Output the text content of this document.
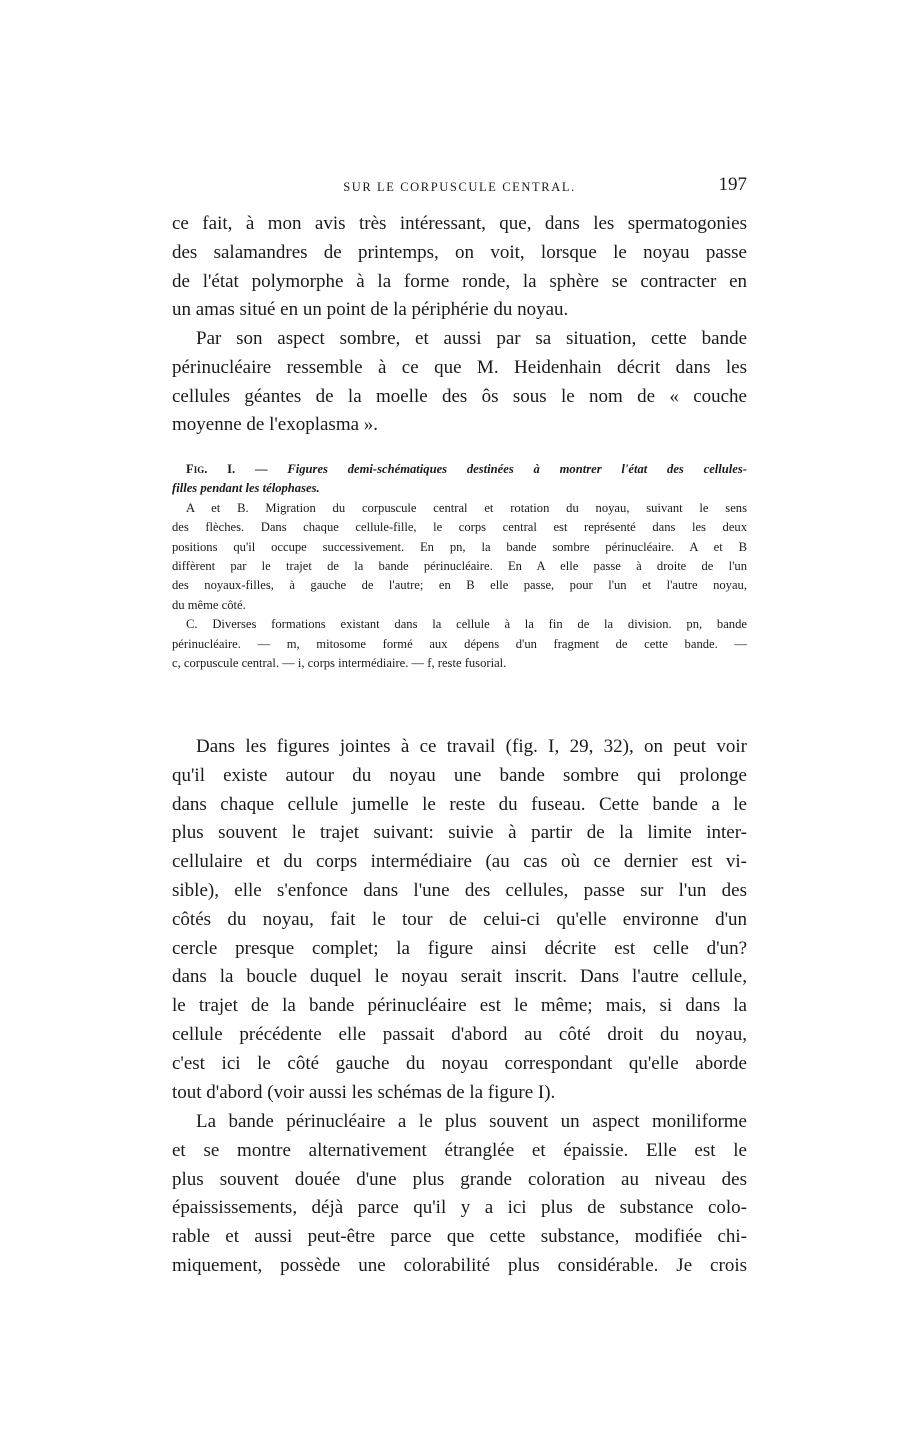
SUR LE CORPUSCULE CENTRAL.	197
ce fait, à mon avis très intéressant, que, dans les spermatogonies
des salamandres de printemps, on voit, lorsque le noyau passe
de l'état polymorphe à la forme ronde, la sphère se contracter en
un amas situé en un point de la périphérie du noyau.
Par son aspect sombre, et aussi par sa situation, cette bande
périnucléaire ressemble à ce que M. Heidenhain décrit dans les
cellules géantes de la moelle des ôs sous le nom de « couche
moyenne de l'exoplasma ».
Fig. I. — Figures demi-schématiques destinées à montrer l'état des cellules-
filles pendant les télophases.
A et B. Migration du corpuscule central et rotation du noyau, suivant le sens
des flèches. Dans chaque cellule-fille, le corps central est représenté dans les deux
positions qu'il occupe successivement. En pn, la bande sombre périnucléaire. A et B
diffèrent par le trajet de la bande périnucléaire. En A elle passe à droite de l'un
des noyaux-filles, à gauche de l'autre; en B elle passe, pour l'un et l'autre noyau,
du même côté.
C. Diverses formations existant dans la cellule à la fin de la division. pn, bande
périnucléaire. — m, mitosome formé aux dépens d'un fragment de cette bande. —
c, corpuscule central. — i, corps intermédiaire. — f, reste fusorial.
Dans les figures jointes à ce travail (fig. I, 29, 32), on peut voir
qu'il existe autour du noyau une bande sombre qui prolonge
dans chaque cellule jumelle le reste du fuseau. Cette bande a le
plus souvent le trajet suivant: suivie à partir de la limite inter-
cellulaire et du corps intermédiaire (au cas où ce dernier est vi-
sible), elle s'enfonce dans l'une des cellules, passe sur l'un des
côtés du noyau, fait le tour de celui-ci qu'elle environne d'un
cercle presque complet; la figure ainsi décrite est celle d'un?
dans la boucle duquel le noyau serait inscrit. Dans l'autre cellule,
le trajet de la bande périnucléaire est le même; mais, si dans la
cellule précédente elle passait d'abord au côté droit du noyau,
c'est ici le côté gauche du noyau correspondant qu'elle aborde
tout d'abord (voir aussi les schémas de la figure I).
La bande périnucléaire a le plus souvent un aspect moniliforme
et se montre alternativement étranglée et épaissie. Elle est le
plus souvent douée d'une plus grande coloration au niveau des
épaississements, déjà parce qu'il y a ici plus de substance colo-
rable et aussi peut-être parce que cette substance, modifiée chi-
miquement, possède une colorabilité plus considérable. Je crois
